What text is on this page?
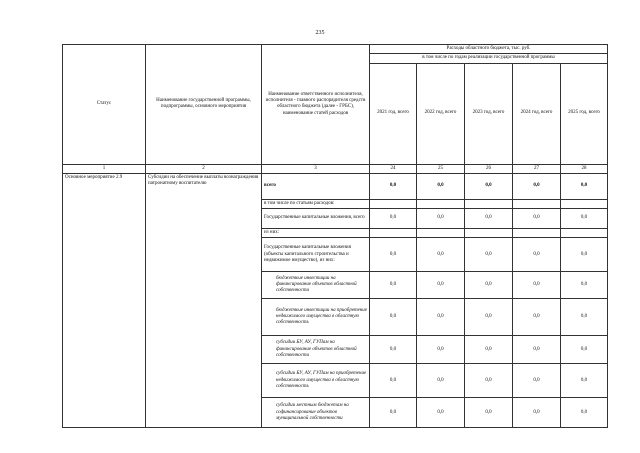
235
Статус	Наименование государственной программы, подпрограммы, основного мероприятия	Наименование ответственного исполнителя, исполнителя - главного распорядителя средств областного бюджета (далее - ГРБС), наименование статей расходов	Расходы областного бюджета, тыс. руб.				
			в том числе по годам реализации государственной программы				
			2021 год, всего	2022 год, всего	2023 год, всего	2024 год, всего	2025 год, всего
1	2	3	24	25	26	27	28
Основное мероприятие 2.9	Субсидии на обеспечение выплаты вознаграждения патронатному воспитателю	всего	0,0	0,0	0,0	0,0	0,0
		в том числе по статьям расходов:					
		Государственные капитальные вложения, всего	0,0	0,0	0,0	0,0	0,0
		из них:					
		Государственные капитальные вложения (объекты капитального строительства и недвижимое имущество), из них:	0,0	0,0	0,0	0,0	0,0
		бюджетные инвестиции на финансирование объектов областной собственности	0,0	0,0	0,0	0,0	0,0
		бюджетные инвестиции на приобретение недвижимого имущества в областную собственность	0,0	0,0	0,0	0,0	0,0
		субсидии БУ, АУ, ГУПам на финансирование объектов областной собственности	0,0	0,0	0,0	0,0	0,0
		субсидии БУ, АУ, ГУПам на приобретение недвижимого имущества в областную собственность	0,0	0,0	0,0	0,0	0,0
		субсидии местным бюджетам на софинансирование объектов муниципальной собственности	0,0	0,0	0,0	0,0	0,0
